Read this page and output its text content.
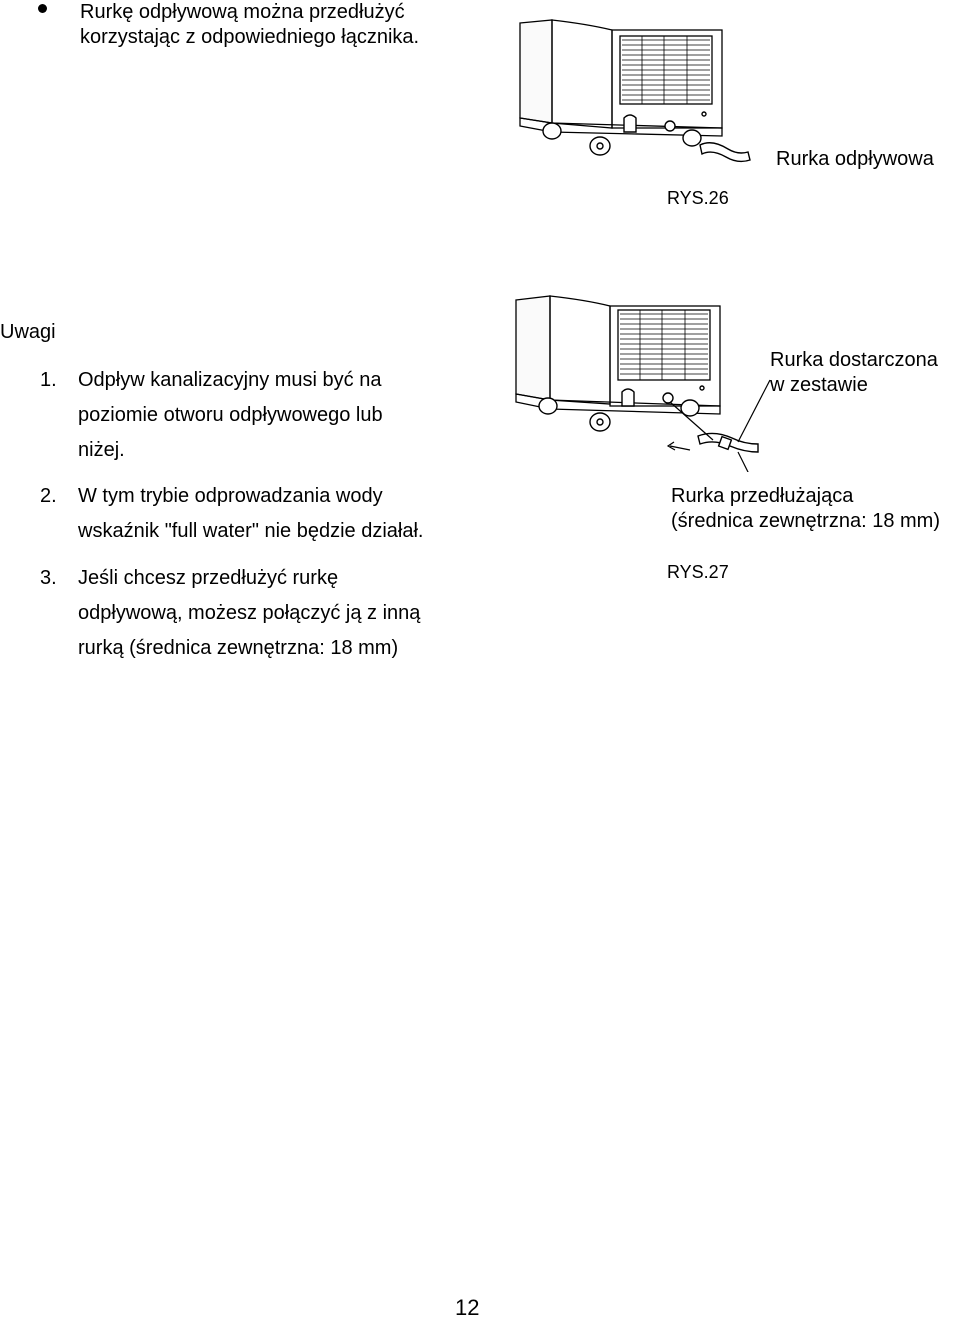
Rurkę odpływową można przedłużyć
korzystając z odpowiedniego łącznika.
Rurka odpływowa
RYS.26
Uwagi
1. Odpływ kanalizacyjny musi być na
poziomie otworu odpływowego lub
niżej.
2. W tym trybie odprowadzania wody
wskaźnik "full water" nie będzie działał.
3. Jeśli chcesz przedłużyć rurkę
odpływową, możesz połączyć ją z inną
rurką (średnica zewnętrzna: 18 mm)
Rurka dostarczona
w zestawie
Rurka przedłużająca
(średnica zewnętrzna: 18 mm)
RYS.27
12
